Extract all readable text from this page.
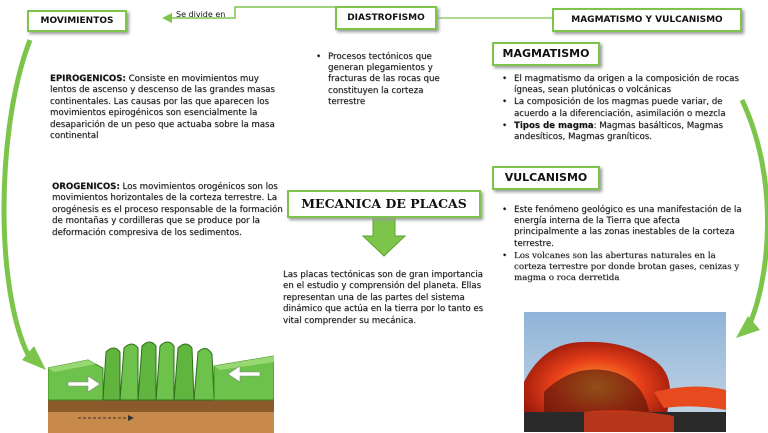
MOVIMIENTOS
Se divide en	DIASTROFISMO	MAGMATISMO Y VULCANISMO
MAGMATISMO
VULCANISMO
MECANICA DE PLACAS
• Procesos tectónicos que generan plegamientos y fracturas de las rocas que constituyen la corteza terrestre
EPIROGENICOS: Consiste en movimientos muy lentos de ascenso y descenso de las grandes masas continentales. Las causas por las que aparecen los movimientos epirogénicos son esencialmente la desaparición de un peso que actuaba sobre la masa continental
OROGENICOS: Los movimientos orogénicos son los movimientos horizontales de la corteza terrestre. La orogénesis es el proceso responsable de la formación de montañas y cordilleras que se produce por la deformación compresiva de los sedimentos.
• El magmatismo da origen a la composición de rocas ígneas, sean plutónicas o volcánicas
• La composición de los magmas puede variar, de acuerdo a la diferenciación, asimilación o mezcla
• Tipos de magma: Magmas basálticos, Magmas andesíticos, Magmas graníticos.
• Este fenómeno geológico es una manifestación de la energía interna de la Tierra que afecta principalmente a las zonas inestables de la corteza terrestre.
• Los volcanes son las aberturas naturales en la corteza terrestre por donde brotan gases, cenizas y magma o roca derretida
Las placas tectónicas son de gran importancia en el estudio y comprensión del planeta. Ellas representan una de las partes del sistema dinámico que actúa en la tierra por lo tanto es vital comprender su mecánica.
